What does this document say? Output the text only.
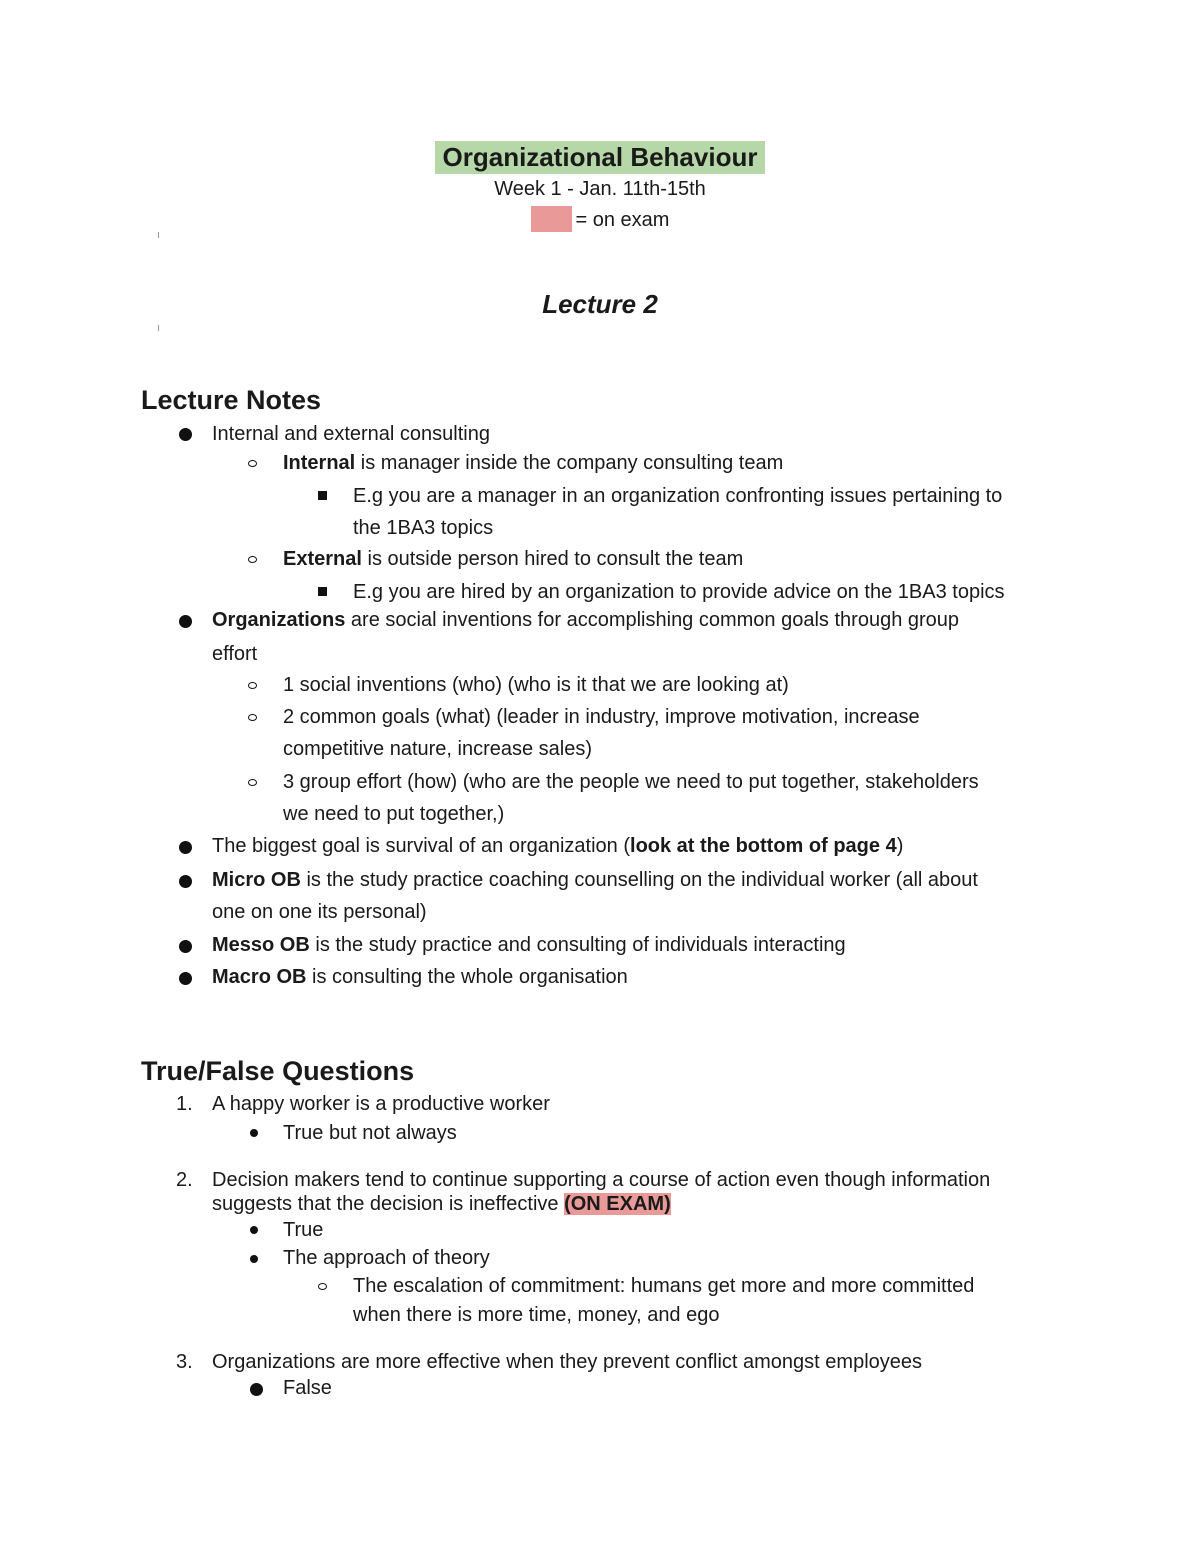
Organizational Behaviour
Week 1 - Jan. 11th-15th
= on exam
Lecture 2
Lecture Notes
Internal and external consulting
Internal is manager inside the company consulting team
E.g you are a manager in an organization confronting issues pertaining to
the 1BA3 topics
External is outside person hired to consult the team
E.g you are hired by an organization to provide advice on the 1BA3 topics
Organizations are social inventions for accomplishing common goals through group
effort
1 social inventions (who) (who is it that we are looking at)
2 common goals (what) (leader in industry, improve motivation, increase
competitive nature, increase sales)
3 group effort (how) (who are the people we need to put together, stakeholders
we need to put together,)
The biggest goal is survival of an organization (look at the bottom of page 4)
Micro OB is the study practice coaching counselling on the individual worker (all about
one on one its personal)
Messo OB is the study practice and consulting of individuals interacting
Macro OB is consulting the whole organisation
True/False Questions
1. A happy worker is a productive worker
True but not always
2. Decision makers tend to continue supporting a course of action even though information
suggests that the decision is ineffective (ON EXAM)
True
The approach of theory
The escalation of commitment: humans get more and more committed
when there is more time, money, and ego
3. Organizations are more effective when they prevent conflict amongst employees
False
